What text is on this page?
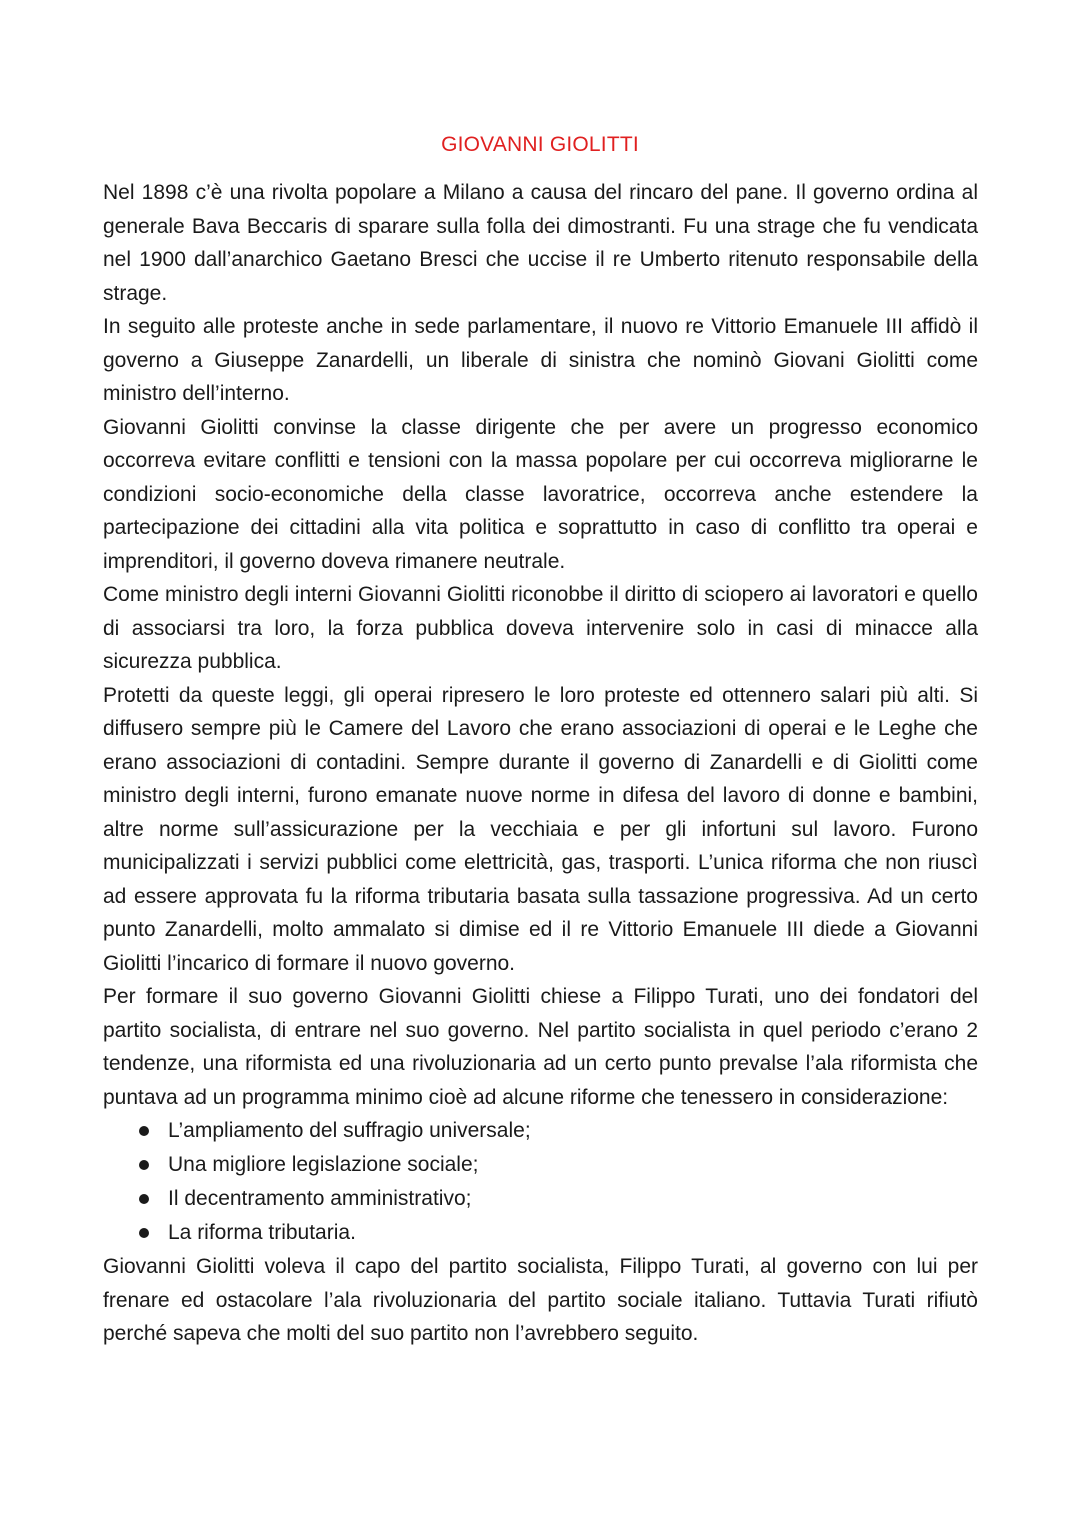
GIOVANNI GIOLITTI

Nel 1898 c’è una rivolta popolare a Milano a causa del rincaro del pane. Il governo ordina al generale Bava Beccaris di sparare sulla folla dei dimostranti. Fu una strage che fu vendicata nel 1900 dall’anarchico Gaetano Bresci che uccise il re Umberto ritenuto responsabile della strage.

In seguito alle proteste anche in sede parlamentare, il nuovo re Vittorio Emanuele III affidò il governo a Giuseppe Zanardelli, un liberale di sinistra che nominò Giovani Giolitti come ministro dell’interno.

Giovanni Giolitti convinse la classe dirigente che per avere un progresso economico occorreva evitare conflitti e tensioni con la massa popolare per cui occorreva migliorarne le condizioni socio-economiche della classe lavoratrice, occorreva anche estendere la partecipazione dei cittadini alla vita politica e soprattutto in caso di conflitto tra operai e imprenditori, il governo doveva rimanere neutrale.

Come ministro degli interni Giovanni Giolitti riconobbe il diritto di sciopero ai lavoratori e quello di associarsi tra loro, la forza pubblica doveva intervenire solo in casi di minacce alla sicurezza pubblica.

Protetti da queste leggi, gli operai ripresero le loro proteste ed ottennero salari più alti. Si diffusero sempre più le Camere del Lavoro che erano associazioni di operai e le Leghe che erano associazioni di contadini. Sempre durante il governo di Zanardelli e di Giolitti come ministro degli interni, furono emanate nuove norme in difesa del lavoro di donne e bambini, altre norme sull’assicurazione per la vecchiaia e per gli infortuni sul lavoro. Furono municipalizzati i servizi pubblici come elettricità, gas, trasporti. L’unica riforma che non riuscì ad essere approvata fu la riforma tributaria basata sulla tassazione progressiva. Ad un certo punto Zanardelli, molto ammalato si dimise ed il re Vittorio Emanuele III diede a Giovanni Giolitti l’incarico di formare il nuovo governo.

Per formare il suo governo Giovanni Giolitti chiese a Filippo Turati, uno dei fondatori del partito socialista, di entrare nel suo governo. Nel partito socialista in quel periodo c’erano 2 tendenze, una riformista ed una rivoluzionaria ad un certo punto prevalse l’ala riformista che puntava ad un programma minimo cioè ad alcune riforme che tenessero in considerazione:

L’ampliamento del suffragio universale;
Una migliore legislazione sociale;
Il decentramento amministrativo;
La riforma tributaria.

Giovanni Giolitti voleva il capo del partito socialista, Filippo Turati, al governo con lui per frenare ed ostacolare l’ala rivoluzionaria del partito sociale italiano. Tuttavia Turati rifiutò perché sapeva che molti del suo partito non l’avrebbero seguito.
